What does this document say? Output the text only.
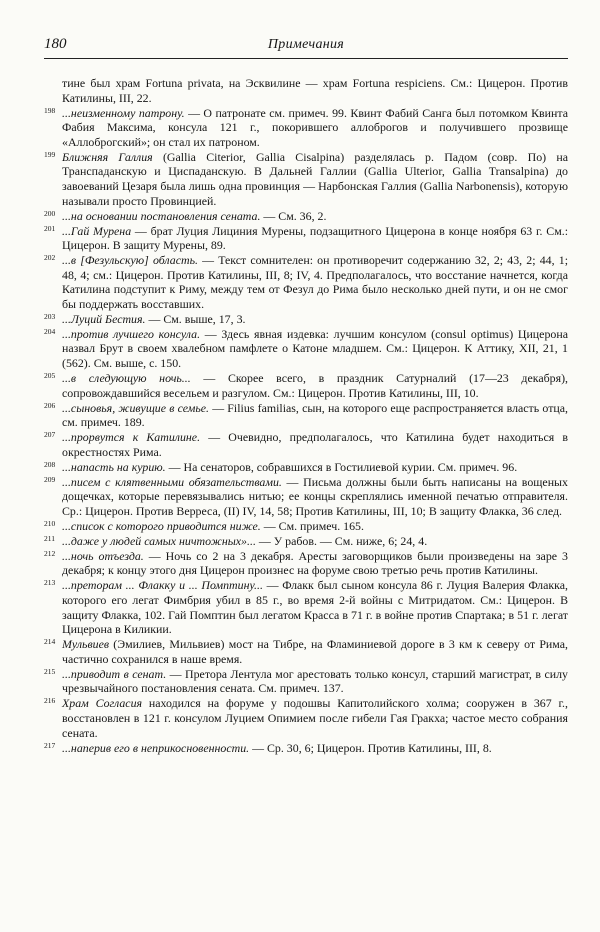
180	Примечания
тине был храм Fortuna privata, на Эсквилине — храм Fortuna respiciens. См.: Цицерон. Против Катилины, III, 22.
198 ...неизменному патрону. — О патронате см. примеч. 99. Квинт Фабий Санга был потомком Квинта Фабия Максима, консула 121 г., покорившего аллоброгов и получившего прозвище «Аллоброгский»; он стал их патроном.
199 Ближняя Галлия (Gallia Citerior, Gallia Cisalpina) разделялась р. Падом (совр. По) на Транспаданскую и Циспаданскую. В Дальней Галлии (Gallia Ulterior, Gallia Transalpina) до завоеваний Цезаря была лишь одна провинция — Нарбонская Галлия (Gallia Narbonensis), которую называли просто Провинцией.
200 ...на основании постановления сената. — См. 36, 2.
201 ...Гай Мурена — брат Луция Лициния Мурены, подзащитного Цицерона в конце ноября 63 г. См.: Цицерон. В защиту Мурены, 89.
202 ...в [Фезульскую] область. — Текст сомнителен: он противоречит содержанию 32, 2; 43, 2; 44, 1; 48, 4; см.: Цицерон. Против Катилины, III, 8; IV, 4. Предполагалось, что восстание начнется, когда Катилина подступит к Риму, между тем от Фезул до Рима было несколько дней пути, и он не смог бы поддержать восставших.
203 ...Луций Бестия. — См. выше, 17, 3.
204 ...против лучшего консула. — Здесь явная издевка: лучшим консулом (consul optimus) Цицерона назвал Брут в своем хвалебном памфлете о Катоне младшем. См.: Цицерон. К Аттику, XII, 21, 1 (562). См. выше, с. 150.
205 ...в следующую ночь... — Скорее всего, в праздник Сатурналий (17—23 декабря), сопровождавшийся весельем и разгулом. См.: Цицерон. Против Катилины, III, 10.
206 ...сыновья, живущие в семье. — Filius familias, сын, на которого еще распространяется власть отца, см. примеч. 189.
207 ...прорвутся к Катилине. — Очевидно, предполагалось, что Катилина будет находиться в окрестностях Рима.
208 ...напасть на курию. — На сенаторов, собравшихся в Гостилиевой курии. См. примеч. 96.
209 ...писем с клятвенными обязательствами. — Письма должны были быть написаны на вощеных дощечках, которые перевязывались нитью; ее концы скреплялись именной печатью отправителя. Ср.: Цицерон. Против Верреса, (II) IV, 14, 58; Против Катилины, III, 10; В защиту Флакка, 36 след.
210 ...список с которого приводится ниже. — См. примеч. 165.
211 ...даже у людей самых ничтожных»... — У рабов. — См. ниже, 6; 24, 4.
212 ...ночь отъезда. — Ночь со 2 на 3 декабря. Аресты заговорщиков были произведены на заре 3 декабря; к концу этого дня Цицерон произнес на форуме свою третью речь против Катилины.
213 ...преторам ... Флакку и ... Помптину... — Флакк был сыном консула 86 г. Луция Валерия Флакка, которого его легат Фимбрия убил в 85 г., во время 2-й войны с Митридатом. См.: Цицерон. В защиту Флакка, 102. Гай Помптин был легатом Красса в 71 г. в войне против Спартака; в 51 г. легат Цицерона в Киликии.
214 Мульвиев (Эмилиев, Мильвиев) мост на Тибре, на Фламиниевой дороге в 3 км к северу от Рима, частично сохранился в наше время.
215 ...приводит в сенат. — Претора Лентула мог арестовать только консул, старший магистрат, в силу чрезвычайного постановления сената. См. примеч. 137.
216 Храм Согласия находился на форуме у подошвы Капитолийского холма; сооружен в 367 г., восстановлен в 121 г. консулом Луцием Опимием после гибели Гая Гракха; частое место собрания сената.
217 ...наперив его в неприкосновенности. — Ср. 30, 6; Цицерон. Против Катилины, III, 8.
